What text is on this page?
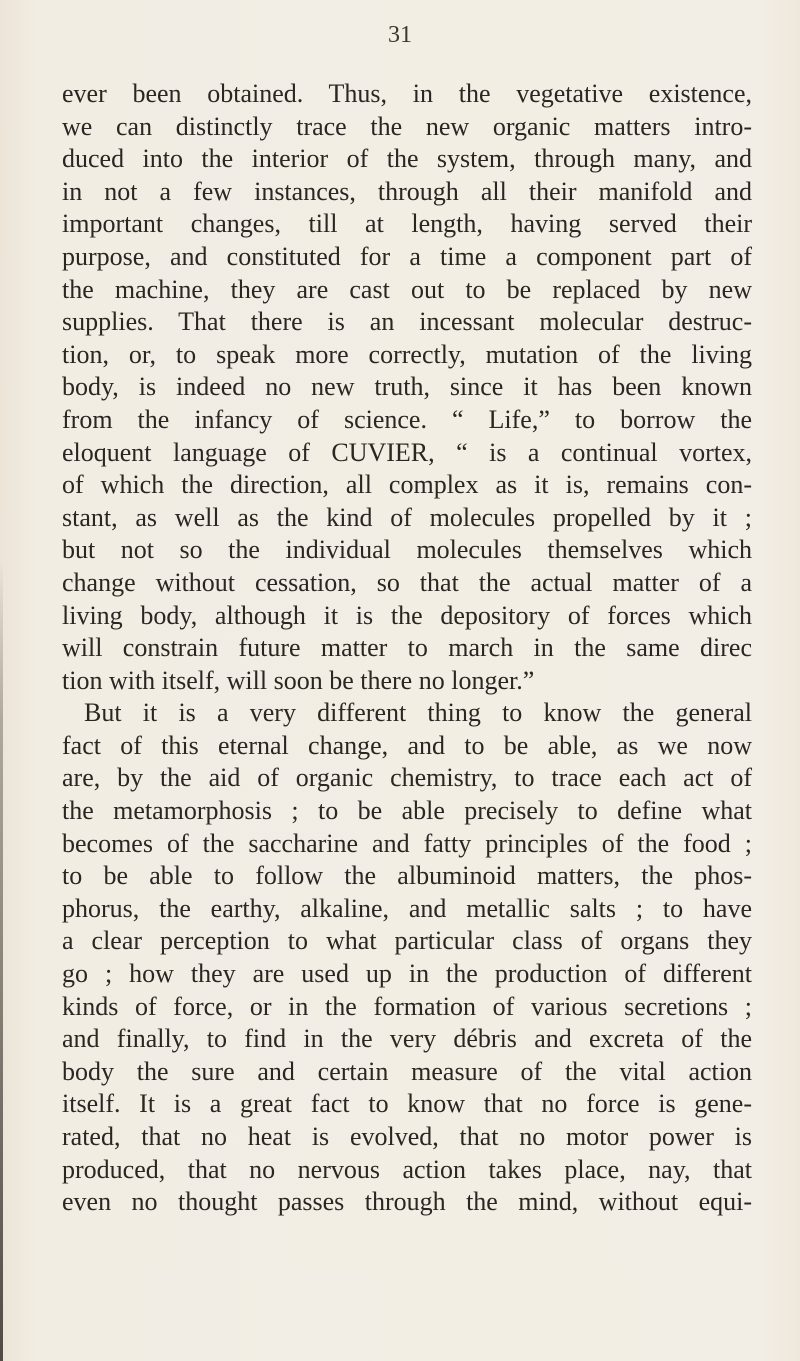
31
ever been obtained. Thus, in the vegetative existence,
we can distinctly trace the new organic matters intro-
duced into the interior of the system, through many, and
in not a few instances, through all their manifold and
important changes, till at length, having served their
purpose, and constituted for a time a component part of
the machine, they are cast out to be replaced by new
supplies. That there is an incessant molecular destruc-
tion, or, to speak more correctly, mutation of the living
body, is indeed no new truth, since it has been known
from the infancy of science. “ Life,” to borrow the
eloquent language of CUVIER, “ is a continual vortex,
of which the direction, all complex as it is, remains con-
stant, as well as the kind of molecules propelled by it ;
but not so the individual molecules themselves which
change without cessation, so that the actual matter of a
living body, although it is the depository of forces which
will constrain future matter to march in the same direc
tion with itself, will soon be there no longer.”
But it is a very different thing to know the general
fact of this eternal change, and to be able, as we now
are, by the aid of organic chemistry, to trace each act of
the metamorphosis ; to be able precisely to define what
becomes of the saccharine and fatty principles of the food ;
to be able to follow the albuminoid matters, the phos-
phorus, the earthy, alkaline, and metallic salts ; to have
a clear perception to what particular class of organs they
go ; how they are used up in the production of different
kinds of force, or in the formation of various secretions ;
and finally, to find in the very débris and excreta of the
body the sure and certain measure of the vital action
itself. It is a great fact to know that no force is gene-
rated, that no heat is evolved, that no motor power is
produced, that no nervous action takes place, nay, that
even no thought passes through the mind, without equi-
